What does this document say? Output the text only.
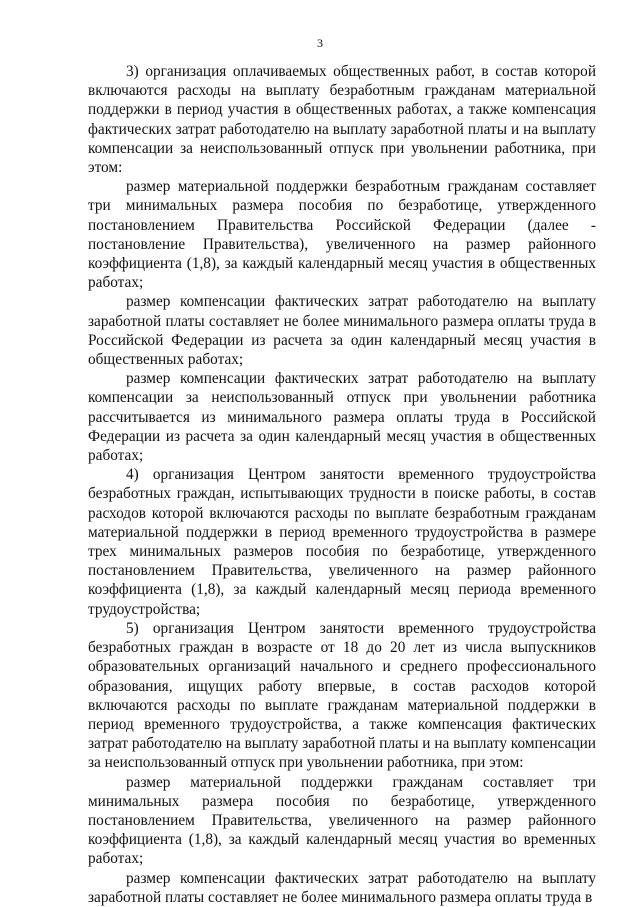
3

3) организация оплачиваемых общественных работ, в состав которой включаются расходы на выплату безработным гражданам материальной поддержки в период участия в общественных работах, а также компенсация фактических затрат работодателю на выплату заработной платы и на выплату компенсации за неиспользованный отпуск при увольнении работника, при этом:

размер материальной поддержки безработным гражданам составляет три минимальных размера пособия по безработице, утвержденного постановлением Правительства Российской Федерации (далее - постановление Правительства), увеличенного на размер районного коэффициента (1,8), за каждый календарный месяц участия в общественных работах;

размер компенсации фактических затрат работодателю на выплату заработной платы составляет не более минимального размера оплаты труда в Российской Федерации из расчета за один календарный месяц участия в общественных работах;

размер компенсации фактических затрат работодателю на выплату компенсации за неиспользованный отпуск при увольнении работника рассчитывается из минимального размера оплаты труда в Российской Федерации из расчета за один календарный месяц участия в общественных работах;

4) организация Центром занятости временного трудоустройства безработных граждан, испытывающих трудности в поиске работы, в состав расходов которой включаются расходы по выплате безработным гражданам материальной поддержки в период временного трудоустройства в размере трех минимальных размеров пособия по безработице, утвержденного постановлением Правительства, увеличенного на размер районного коэффициента (1,8), за каждый календарный месяц периода временного трудоустройства;

5) организация Центром занятости временного трудоустройства безработных граждан в возрасте от 18 до 20 лет из числа выпускников образовательных организаций начального и среднего профессионального образования, ищущих работу впервые, в состав расходов которой включаются расходы по выплате гражданам материальной поддержки в период временного трудоустройства, а также компенсация фактических затрат работодателю на выплату заработной платы и на выплату компенсации за неиспользованный отпуск при увольнении работника, при этом:

размер материальной поддержки гражданам составляет три минимальных размера пособия по безработице, утвержденного постановлением Правительства, увеличенного на размер районного коэффициента (1,8), за каждый календарный месяц участия во временных работах;

размер компенсации фактических затрат работодателю на выплату заработной платы составляет не более минимального размера оплаты труда в
